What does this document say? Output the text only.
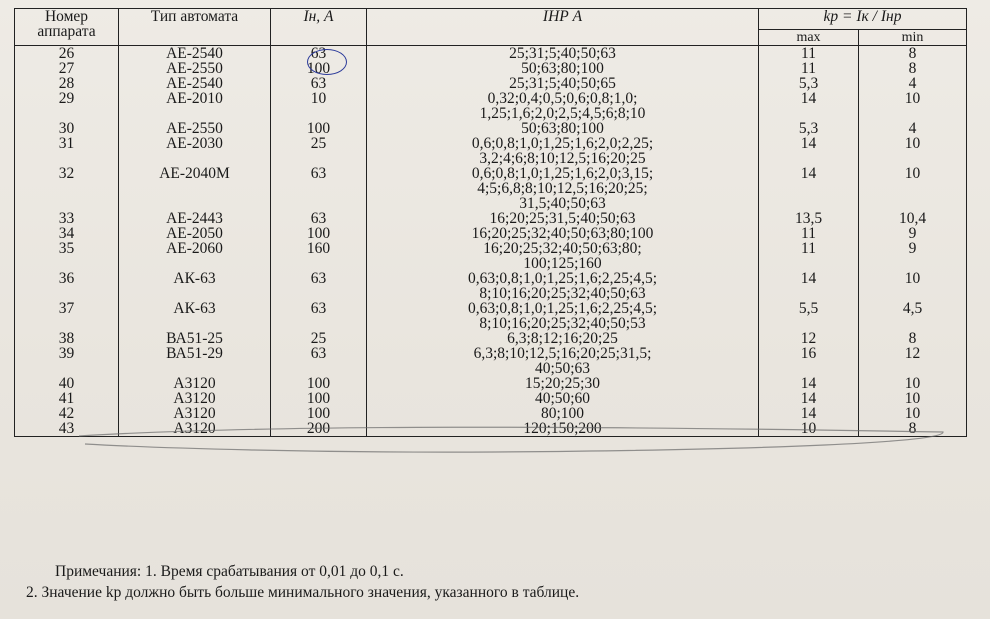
Номер
аппарата	Тип автомата	Iн, А	IНР А	kр = Iк / Iнр	
				max	min
26	АЕ-2540	63	25;31;5;40;50;63	11	8
27	АЕ-2550	100	50;63;80;100	11	8
28	АЕ-2540	63	25;31;5;40;50;65	5,3	4
29	АЕ-2010	10	0,32;0,4;0,5;0,6;0,8;1,0;
1,25;1,6;2,0;2,5;4,5;6;8;10	14	10
30	АЕ-2550	100	50;63;80;100	5,3	4
31	АЕ-2030	25	0,6;0,8;1,0;1,25;1,6;2,0;2,25;
3,2;4;6;8;10;12,5;16;20;25	14	10
32	АЕ-2040М	63	0,6;0,8;1,0;1,25;1,6;2,0;3,15;
4;5;6,8;8;10;12,5;16;20;25;
31,5;40;50;63	14	10
33	АЕ-2443	63	16;20;25;31,5;40;50;63	13,5	10,4
34	АЕ-2050	100	16;20;25;32;40;50;63;80;100	11	9
35	АЕ-2060	160	16;20;25;32;40;50;63;80;
100;125;160	11	9
36	АК-63	63	0,63;0,8;1,0;1,25;1,6;2,25;4,5;
8;10;16;20;25;32;40;50;63	14	10
37	АК-63	63	0,63;0,8;1,0;1,25;1,6;2,25;4,5;
8;10;16;20;25;32;40;50;53	5,5	4,5
38	ВА51-25	25	6,3;8;12;16;20;25	12	8
39	ВА51-29	63	6,3;8;10;12,5;16;20;25;31,5;
40;50;63	16	12
40	А3120	100	15;20;25;30	14	10
41	А3120	100	40;50;60	14	10
42	А3120	100	80;100	14	10
43	А3120	200	120;150;200	10	8
Примечания: 1. Время срабатывания от 0,01 до 0,1 с.
2. Значение kр должно быть больше минимального значения, указанного в таблице.
